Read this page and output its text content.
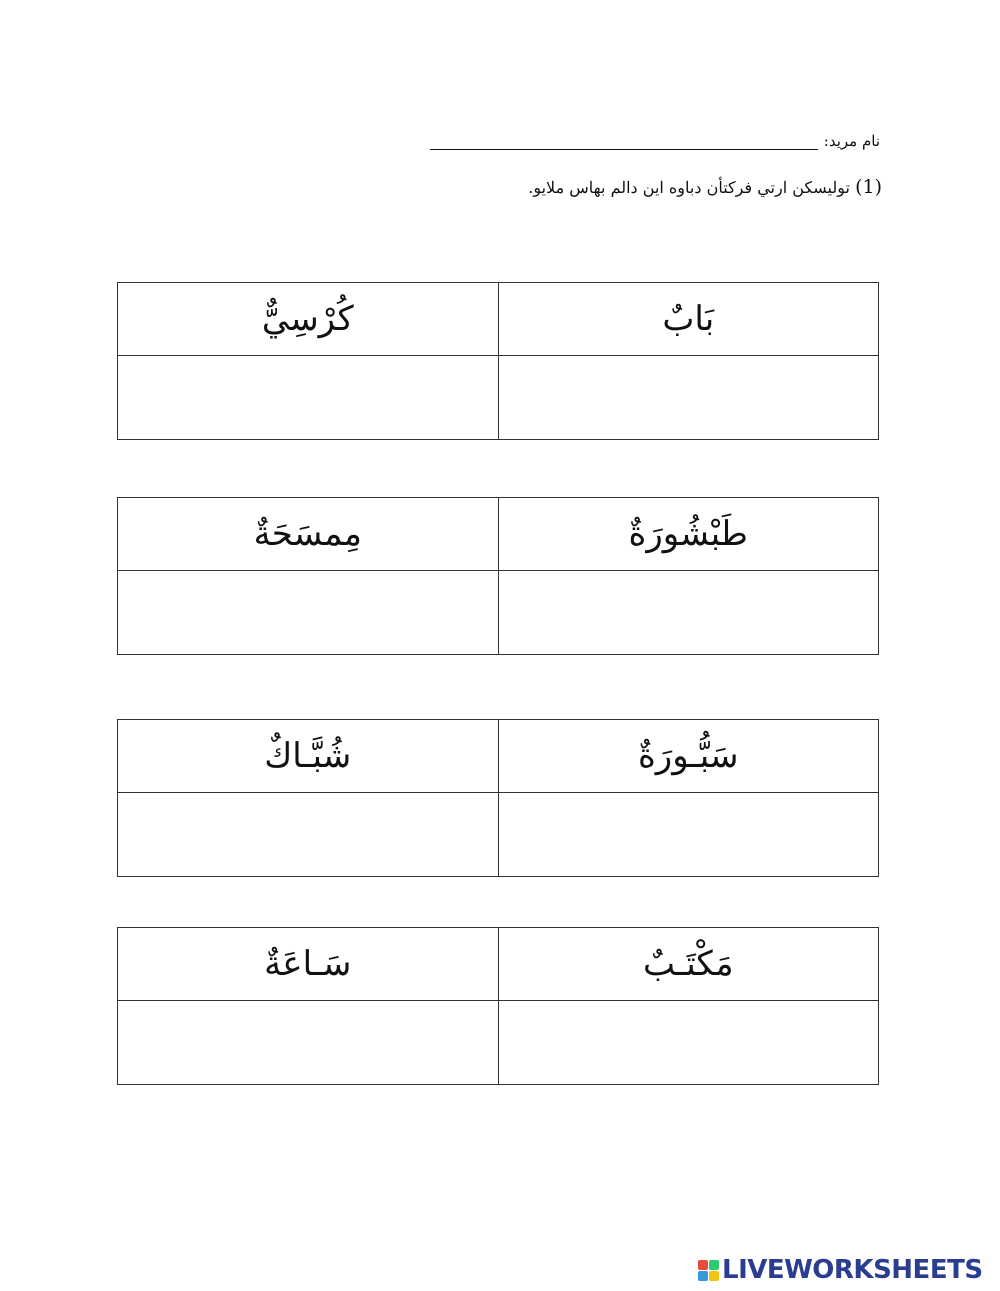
نام مريد:
(1) توليسكن ارتي فركتأن دباوه اين دالم بهاس ملايو.
بَابٌ	كُرْسِيٌّ

طَبْشُورَةٌ	مِمسَحَةٌ

سَبُّـورَةٌ	شُبَّـاكٌ

مَكْتَـبٌ	سَـاعَةٌ

LIVEWORKSHEETS
